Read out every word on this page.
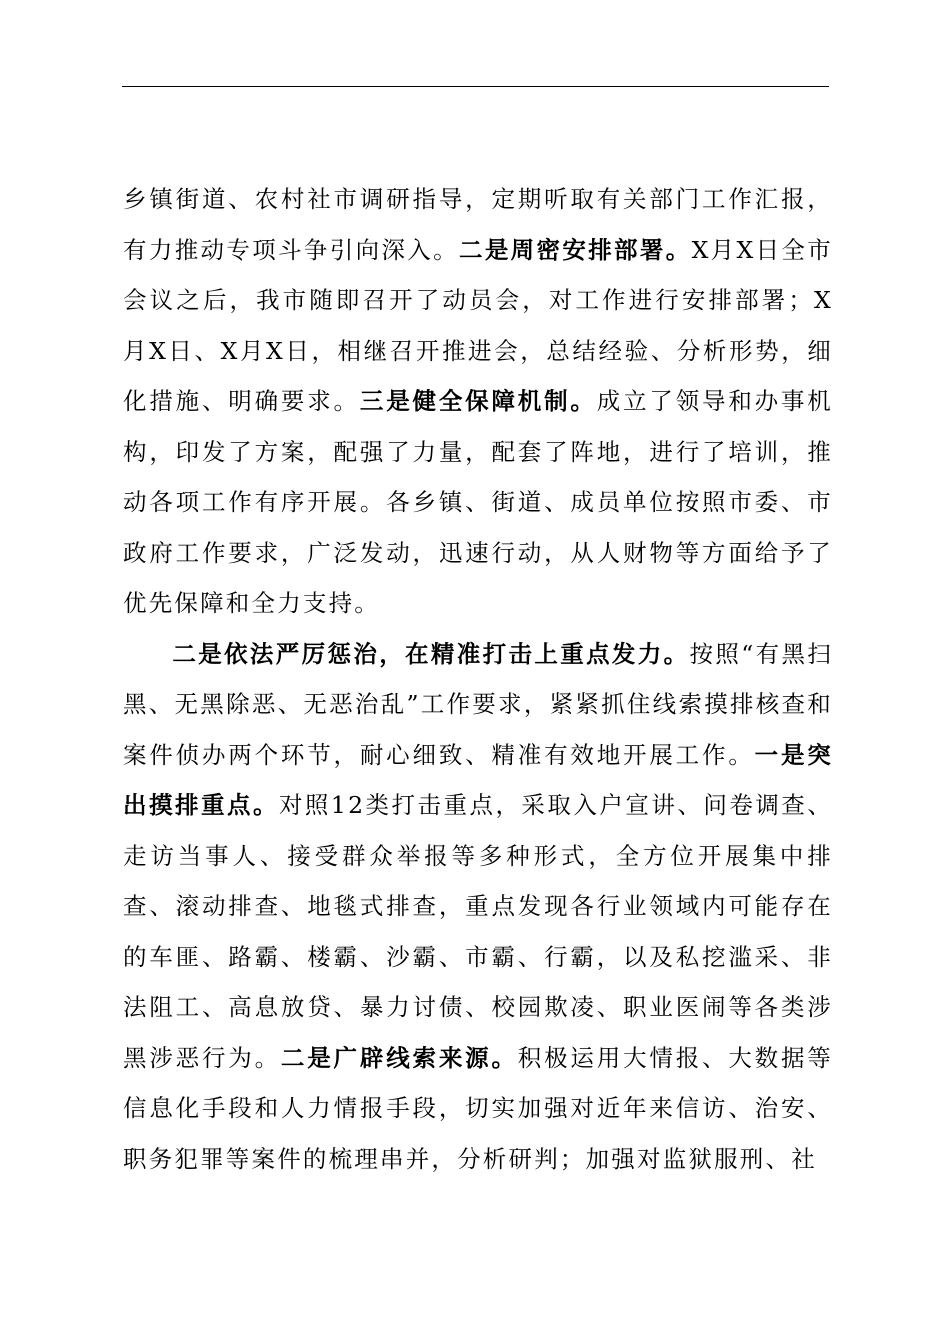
乡镇街道、农村社市调研指导，定期听取有关部门工作汇报，有力推动专项斗争引向深入。二是周密安排部署。X月X日全市会议之后，我市随即召开了动员会，对工作进行安排部署；X月X日、X月X日，相继召开推进会，总结经验、分析形势，细化措施、明确要求。三是健全保障机制。成立了领导和办事机构，印发了方案，配强了力量，配套了阵地，进行了培训，推动各项工作有序开展。各乡镇、街道、成员单位按照市委、市政府工作要求，广泛发动，迅速行动，从人财物等方面给予了优先保障和全力支持。

二是依法严厉惩治，在精准打击上重点发力。按照“有黑扫黑、无黑除恶、无恶治乱”工作要求，紧紧抓住线索摸排核查和案件侦办两个环节，耐心细致、精准有效地开展工作。一是突出摸排重点。对照12类打击重点，采取入户宣讲、问卷调查、走访当事人、接受群众举报等多种形式，全方位开展集中排查、滚动排查、地毯式排查，重点发现各行业领域内可能存在的车匪、路霸、楼霸、沙霸、市霸、行霸，以及私挖滥采、非法阻工、高息放贷、暴力讨债、校园欺凌、职业医闹等各类涉黑涉恶行为。二是广辟线索来源。积极运用大情报、大数据等信息化手段和人力情报手段，切实加强对近年来信访、治安、职务犯罪等案件的梳理串并，分析研判；加强对监狱服刑、社
